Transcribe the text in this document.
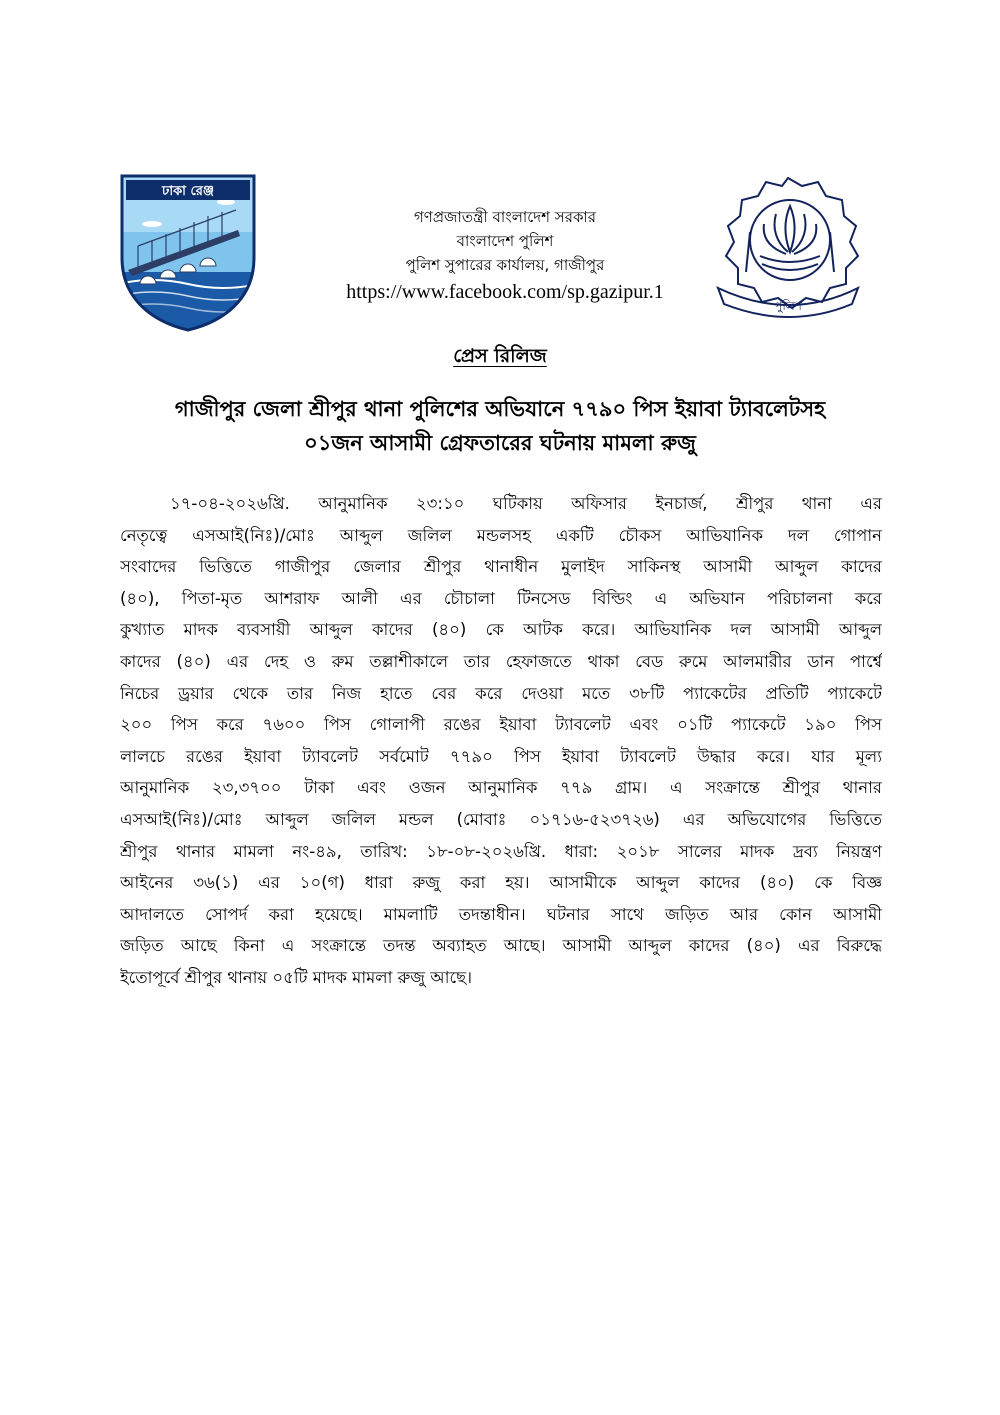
ঢাকা রেঞ্জ
পুলিশ
গণপ্রজাতন্ত্রী বাংলাদেশ সরকার
বাংলাদেশ পুলিশ
পুলিশ সুপারের কার্যালয়, গাজীপুর
https://www.facebook.com/sp.gazipur.1
প্রেস রিলিজ
গাজীপুর জেলা শ্রীপুর থানা পুলিশের অভিযানে ৭৭৯০ পিস ইয়াবা ট্যাবলেটসহ
০১জন আসামী গ্রেফতারের ঘটনায় মামলা রুজু
১৭-০৪-২০২৬খ্রি. আনুমানিক ২৩:১০ ঘটিকায় অফিসার ইনচার্জ, শ্রীপুর থানা এর
নেতৃত্বে এসআই(নিঃ)/মোঃ আব্দুল জলিল মন্ডলসহ একটি চৌকস আভিযানিক দল গোপান
সংবাদের ভিত্তিতে গাজীপুর জেলার শ্রীপুর থানাধীন মুলাইদ সাকিনস্থ আসামী আব্দুল কাদের
(৪০), পিতা-মৃত আশরাফ আলী এর চৌচালা টিনসেড বিল্ডিং এ অভিযান পরিচালনা করে
কুখ্যাত মাদক ব্যবসায়ী আব্দুল কাদের (৪০) কে আটক করে। আভিযানিক দল আসামী আব্দুল
কাদের (৪০) এর দেহ ও রুম তল্লাশীকালে তার হেফাজতে থাকা বেড রুমে আলমারীর ডান পার্শ্বে
নিচের ড্রয়ার থেকে তার নিজ হাতে বের করে দেওয়া মতে ৩৮টি প্যাকেটের প্রতিটি প্যাকেটে
২০০ পিস করে ৭৬০০ পিস গোলাপী রঙের ইয়াবা ট্যাবলেট এবং ০১টি প্যাকেটে ১৯০ পিস
লালচে রঙের ইয়াবা ট্যাবলেট সর্বমোট ৭৭৯০ পিস ইয়াবা ট্যাবলেট উদ্ধার করে। যার মূল্য
আনুমানিক ২৩,৩৭০০ টাকা এবং ওজন আনুমানিক ৭৭৯ গ্রাম। এ সংক্রান্তে শ্রীপুর থানার
এসআই(নিঃ)/মোঃ আব্দুল জলিল মন্ডল (মোবাঃ ০১৭১৬-৫২৩৭২৬) এর অভিযোগের ভিত্তিতে
শ্রীপুর থানার মামলা নং-৪৯, তারিখ: ১৮-০৮-২০২৬খ্রি. ধারা: ২০১৮ সালের মাদক দ্রব্য নিয়ন্ত্রণ
আইনের ৩৬(১) এর ১০(গ) ধারা রুজু করা হয়। আসামীকে আব্দুল কাদের (৪০) কে বিজ্ঞ
আদালতে সোপর্দ করা হয়েছে। মামলাটি তদন্তাধীন। ঘটনার সাথে জড়িত আর কোন আসামী
জড়িত আছে কিনা এ সংক্রান্তে তদন্ত অব্যাহত আছে। আসামী আব্দুল কাদের (৪০) এর বিরুদ্ধে
ইতোপূর্বে শ্রীপুর থানায় ০৫টি মাদক মামলা রুজু আছে।
